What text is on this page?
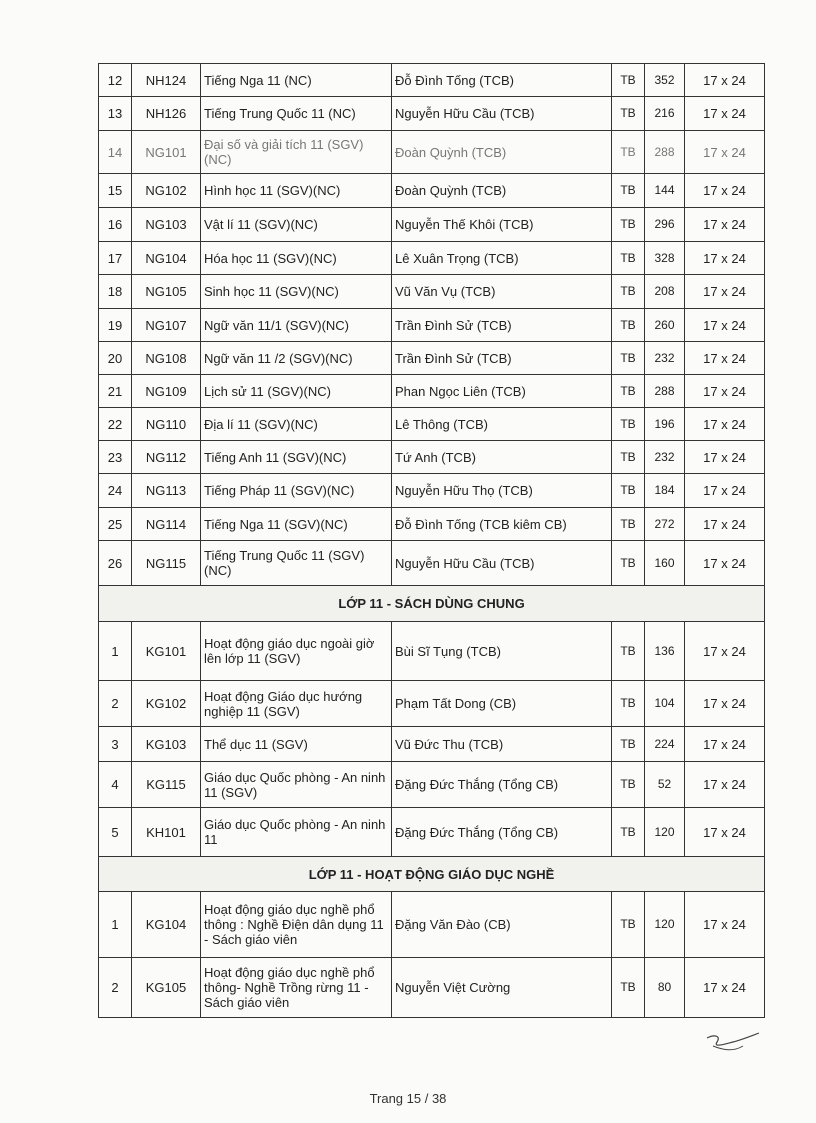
12	NH124	Tiếng Nga 11 (NC)	Đỗ Đình Tống (TCB)	TB	352	17 x 24
13	NH126	Tiếng Trung Quốc 11 (NC)	Nguyễn Hữu Cầu (TCB)	TB	216	17 x 24
14	NG101	Đại số và giải tích 11 (SGV)(NC)	Đoàn Quỳnh (TCB)	TB	288	17 x 24
15	NG102	Hình học 11 (SGV)(NC)	Đoàn Quỳnh (TCB)	TB	144	17 x 24
16	NG103	Vật lí 11 (SGV)(NC)	Nguyễn Thế Khôi (TCB)	TB	296	17 x 24
17	NG104	Hóa học 11 (SGV)(NC)	Lê Xuân Trọng (TCB)	TB	328	17 x 24
18	NG105	Sinh học 11 (SGV)(NC)	Vũ Văn Vụ (TCB)	TB	208	17 x 24
19	NG107	Ngữ văn 11/1 (SGV)(NC)	Trần Đình Sử (TCB)	TB	260	17 x 24
20	NG108	Ngữ văn 11 /2 (SGV)(NC)	Trần Đình Sử (TCB)	TB	232	17 x 24
21	NG109	Lịch sử 11 (SGV)(NC)	Phan Ngọc Liên (TCB)	TB	288	17 x 24
22	NG110	Địa lí 11 (SGV)(NC)	Lê Thông (TCB)	TB	196	17 x 24
23	NG112	Tiếng Anh 11 (SGV)(NC)	Tứ Anh (TCB)	TB	232	17 x 24
24	NG113	Tiếng Pháp 11 (SGV)(NC)	Nguyễn Hữu Thọ (TCB)	TB	184	17 x 24
25	NG114	Tiếng Nga 11 (SGV)(NC)	Đỗ Đình Tống (TCB kiêm CB)	TB	272	17 x 24
26	NG115	Tiếng Trung Quốc 11 (SGV)(NC)	Nguyễn Hữu Cầu (TCB)	TB	160	17 x 24
LỚP 11 - SÁCH DÙNG CHUNG						
1	KG101	Hoạt động giáo dục ngoài giờ lên lớp 11 (SGV)	Bùi Sĩ Tụng (TCB)	TB	136	17 x 24
2	KG102	Hoạt động Giáo dục hướng nghiệp 11 (SGV)	Phạm Tất Dong (CB)	TB	104	17 x 24
3	KG103	Thể dục 11 (SGV)	Vũ Đức Thu (TCB)	TB	224	17 x 24
4	KG115	Giáo dục Quốc phòng - An ninh 11 (SGV)	Đặng Đức Thắng (Tổng CB)	TB	52	17 x 24
5	KH101	Giáo dục Quốc phòng - An ninh 11	Đặng Đức Thắng (Tổng CB)	TB	120	17 x 24
LỚP 11 - HOẠT ĐỘNG GIÁO DỤC NGHỀ						
1	KG104	Hoạt động giáo dục nghề phổ thông : Nghề Điện dân dụng 11 - Sách giáo viên	Đặng Văn Đào (CB)	TB	120	17 x 24
2	KG105	Hoạt động giáo dục nghề phổ thông- Nghề Trồng rừng 11 - Sách giáo viên	Nguyễn Việt Cường	TB	80	17 x 24
Trang 15 / 38
